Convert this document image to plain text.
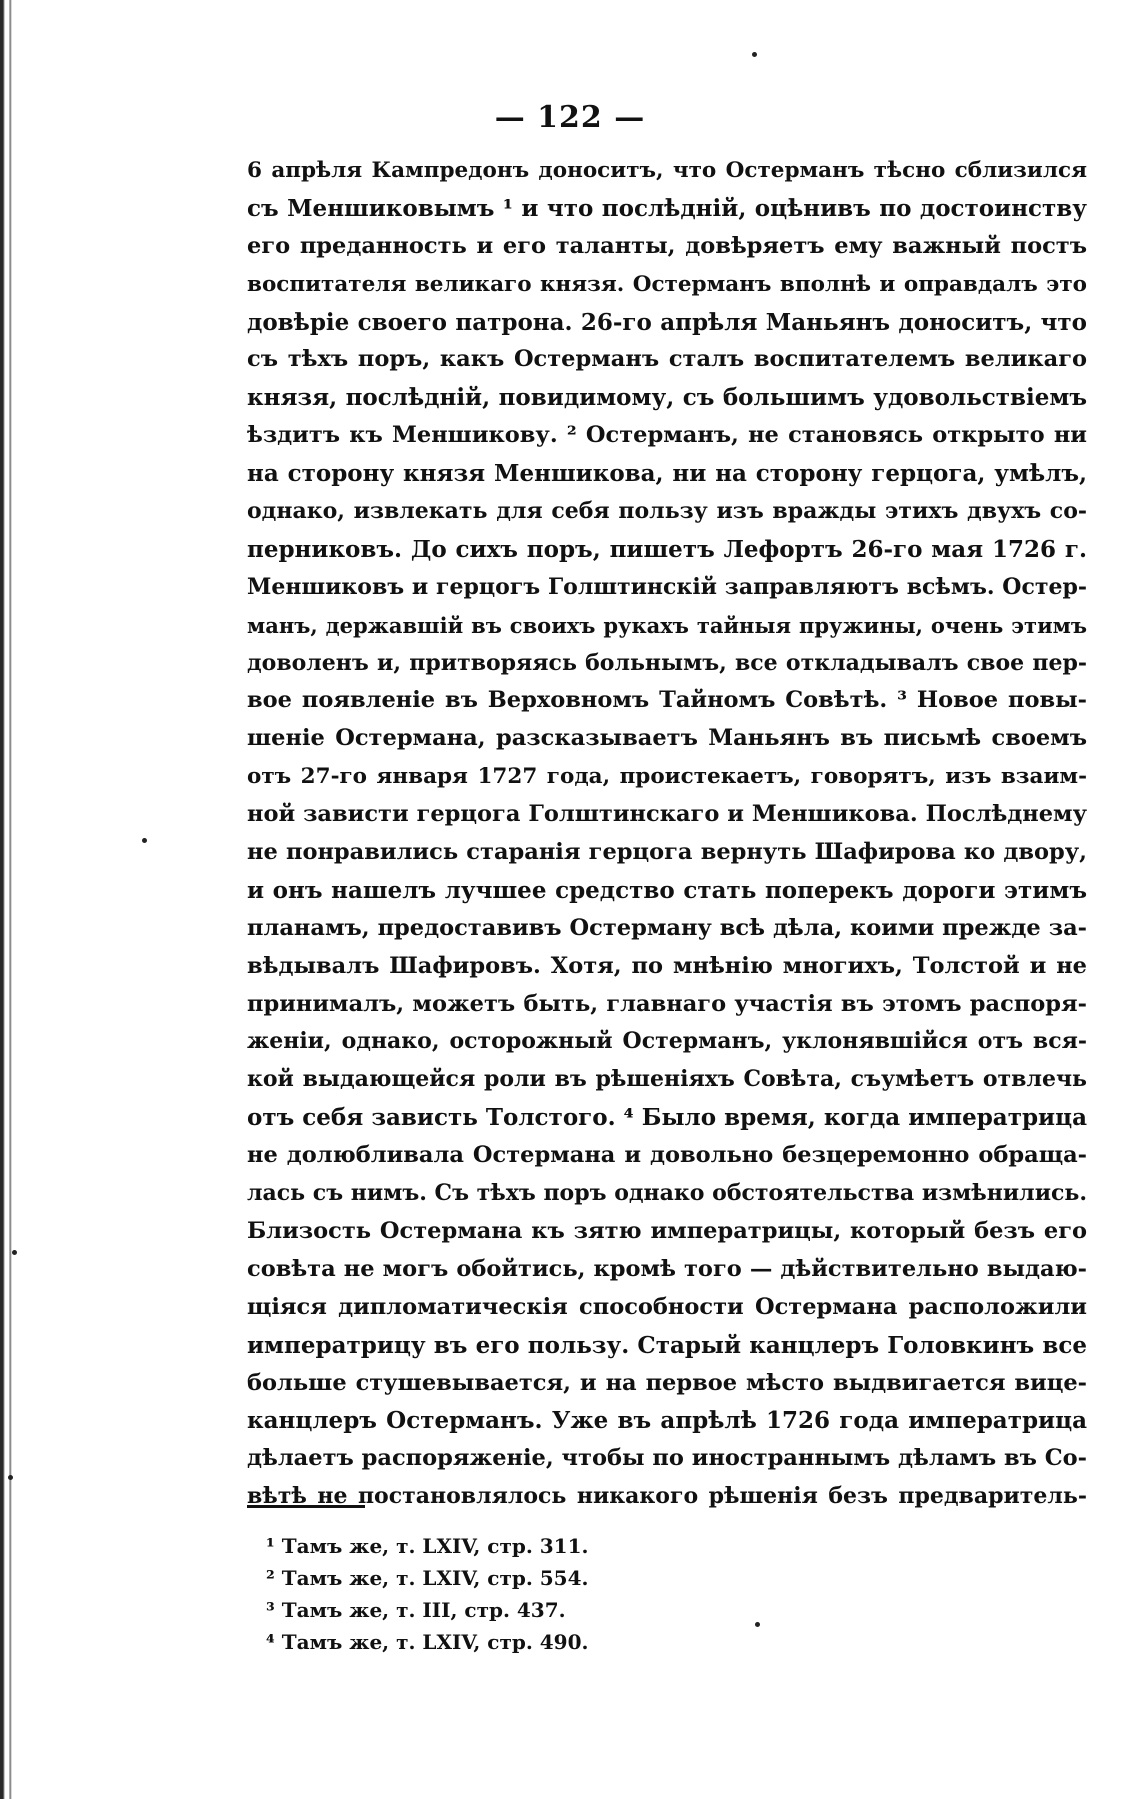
— 122 —
6 апрѣля Кампредонъ доноситъ, что Остерманъ тѣсно сблизился
съ Меншиковымъ ¹ и что послѣдній, оцѣнивъ по достоинству
его преданность и его таланты, довѣряетъ ему важный постъ
воспитателя великаго князя. Остерманъ вполнѣ и оправдалъ это
довѣріе своего патрона. 26-го апрѣля Маньянъ доноситъ, что
съ тѣхъ поръ, какъ Остерманъ сталъ воспитателемъ великаго
князя, послѣдній, повидимому, съ большимъ удовольствіемъ
ѣздитъ къ Меншикову. ² Остерманъ, не становясь открыто ни
на сторону князя Меншикова, ни на сторону герцога, умѣлъ,
однако, извлекать для себя пользу изъ вражды этихъ двухъ со-
перниковъ. До сихъ поръ, пишетъ Лефортъ 26-го мая 1726 г.
Меншиковъ и герцогъ Голштинскій заправляютъ всѣмъ. Остер-
манъ, державшій въ своихъ рукахъ тайныя пружины, очень этимъ
доволенъ и, притворяясь больнымъ, все откладывалъ свое пер-
вое появленіе въ Верховномъ Тайномъ Совѣтѣ. ³ Новое повы-
шеніе Остермана, разсказываетъ Маньянъ въ письмѣ своемъ
отъ 27-го января 1727 года, проистекаетъ, говорятъ, изъ взаим-
ной зависти герцога Голштинскаго и Меншикова. Послѣднему
не понравились старанія герцога вернуть Шафирова ко двору,
и онъ нашелъ лучшее средство стать поперекъ дороги этимъ
планамъ, предоставивъ Остерману всѣ дѣла, коими прежде за-
вѣдывалъ Шафировъ. Хотя, по мнѣнію многихъ, Толстой и не
принималъ, можетъ быть, главнаго участія въ этомъ распоря-
женіи, однако, осторожный Остерманъ, уклонявшійся отъ вся-
кой выдающейся роли въ рѣшеніяхъ Совѣта, съумѣетъ отвлечь
отъ себя зависть Толстого. ⁴ Было время, когда императрица
не долюбливала Остермана и довольно безцеремонно обраща-
лась съ нимъ. Съ тѣхъ поръ однако обстоятельства измѣнились.
Близость Остермана къ зятю императрицы, который безъ его
совѣта не могъ обойтись, кромѣ того — дѣйствительно выдаю-
щіяся дипломатическія способности Остермана расположили
императрицу въ его пользу. Старый канцлеръ Головкинъ все
больше стушевывается, и на первое мѣсто выдвигается вице-
канцлеръ Остерманъ. Уже въ апрѣлѣ 1726 года императрица
дѣлаетъ распоряженіе, чтобы по иностраннымъ дѣламъ въ Со-
вѣтѣ не постановлялось никакого рѣшенія безъ предваритель-
¹ Тамъ же, т. LXIV, стр. 311.
² Тамъ же, т. LXIV, стр. 554.
³ Тамъ же, т. III, стр. 437.
⁴ Тамъ же, т. LXIV, стр. 490.
